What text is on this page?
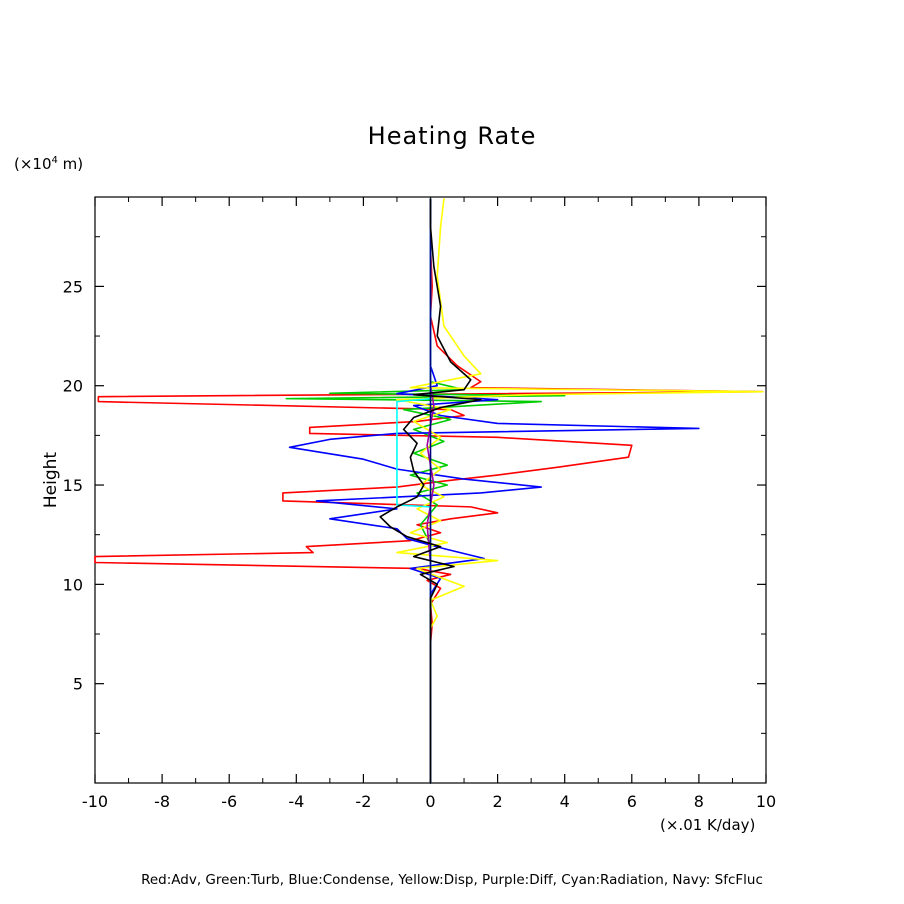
Heating Rate
($\times 10^4$ m)
Height
-10	-8	-6	-4	-2	0	2	4	6	8	10
5
10
15
20
25
(×.01 K/day)
Red:Adv, Green:Turb, Blue:Condense, Yellow:Disp, Purple:Diff, Cyan:Radiation, Navy: SfcFluc
